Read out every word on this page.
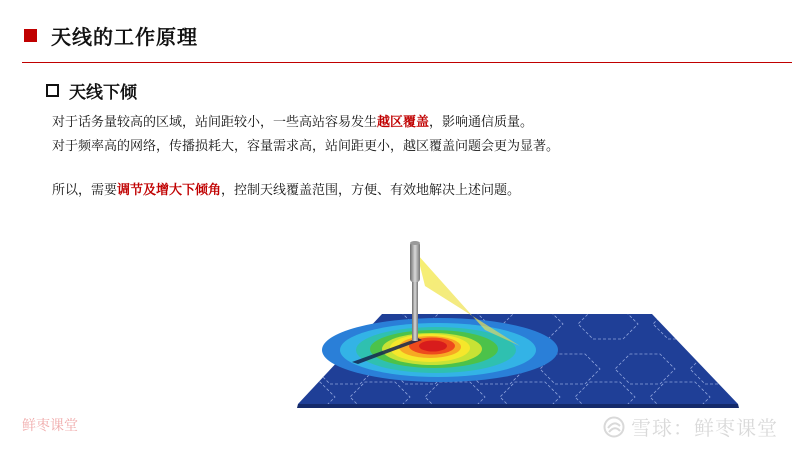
天线的工作原理
天线下倾
对于话务量较高的区域，站间距较小，一些高站容易发生越区覆盖，影响通信质量。
对于频率高的网络，传播损耗大，容量需求高，站间距更小，越区覆盖问题会更为显著。
所以，需要调节及增大下倾角，控制天线覆盖范围，方便、有效地解决上述问题。
鲜枣课堂	雪球：鲜枣课堂
